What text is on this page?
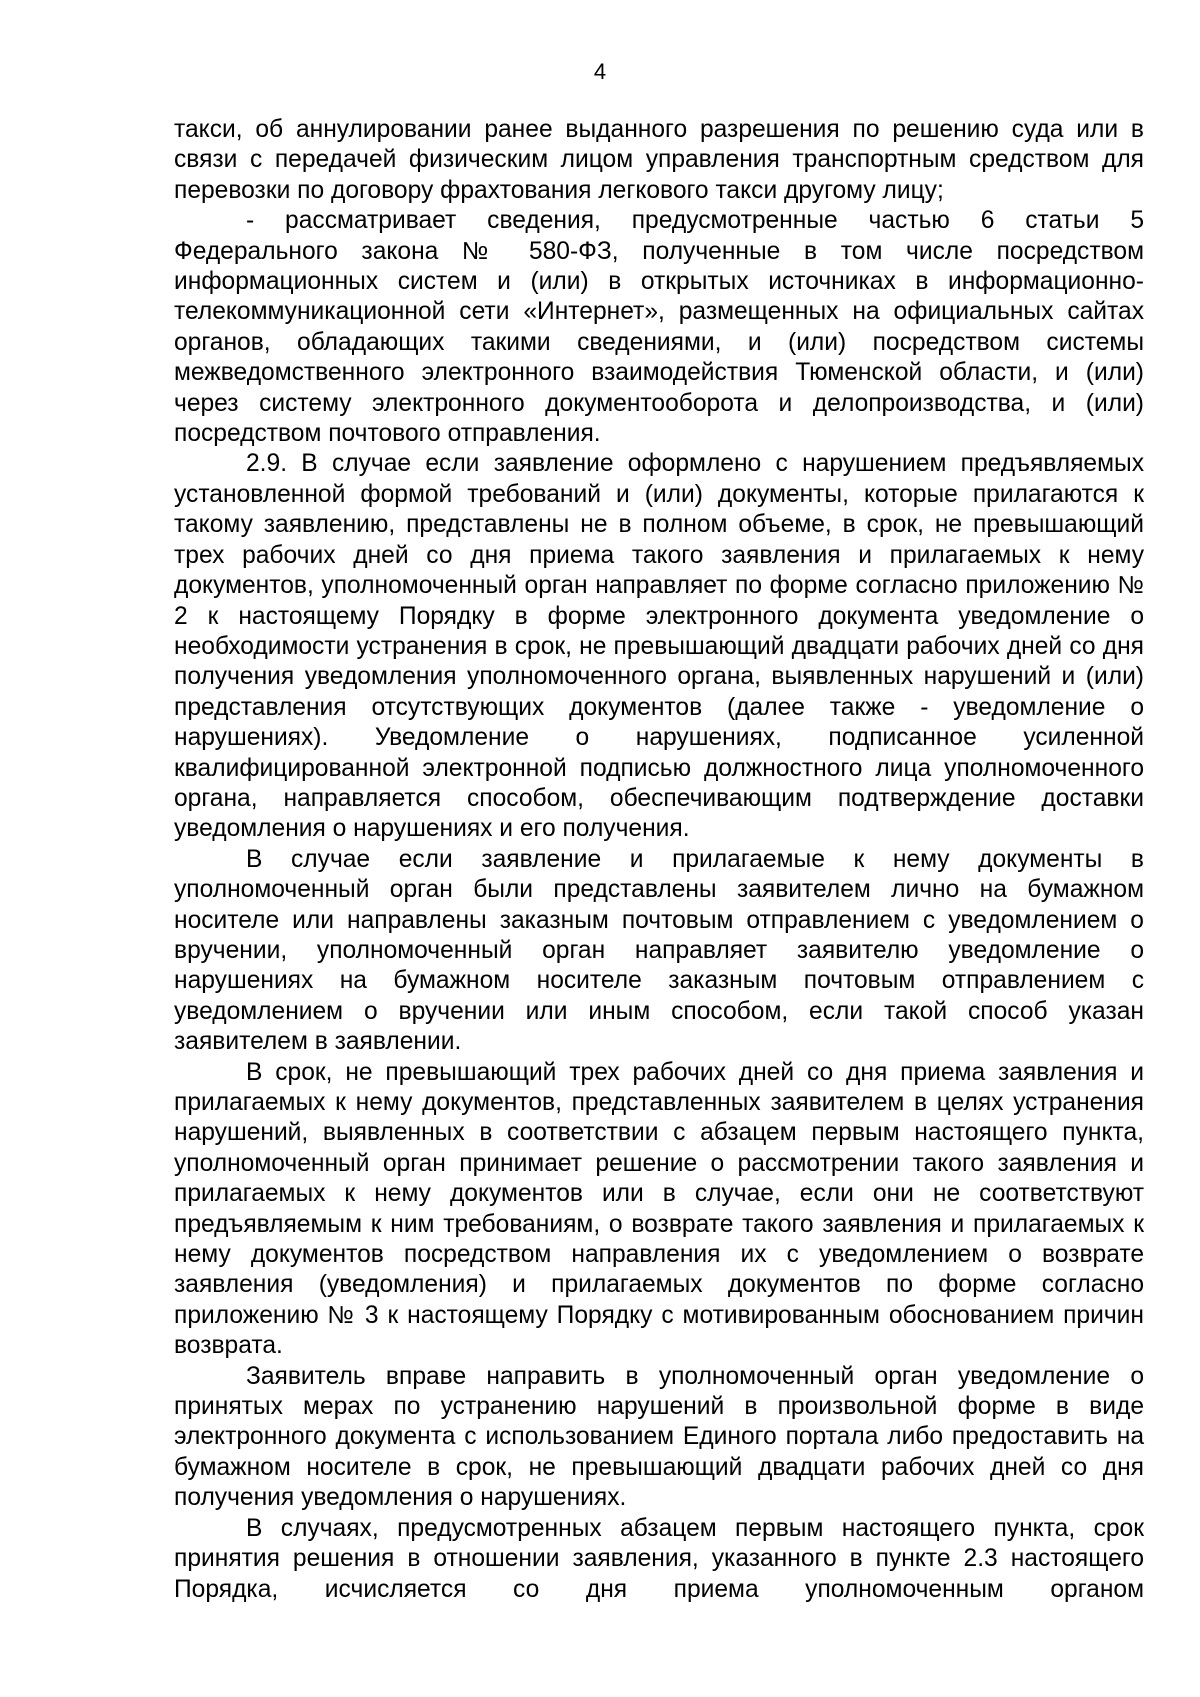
4

такси, об аннулировании ранее выданного разрешения по решению суда или в связи с передачей физическим лицом управления транспортным средством для перевозки по договору фрахтования легкового такси другому лицу;

- рассматривает сведения, предусмотренные частью 6 статьи 5 Федерального закона № 580-ФЗ, полученные в том числе посредством информационных систем и (или) в открытых источниках в информационно-телекоммуникационной сети «Интернет», размещенных на официальных сайтах органов, обладающих такими сведениями, и (или) посредством системы межведомственного электронного взаимодействия Тюменской области, и (или) через систему электронного документооборота и делопроизводства, и (или) посредством почтового отправления.

2.9. В случае если заявление оформлено с нарушением предъявляемых установленной формой требований и (или) документы, которые прилагаются к такому заявлению, представлены не в полном объеме, в срок, не превышающий трех рабочих дней со дня приема такого заявления и прилагаемых к нему документов, уполномоченный орган направляет по форме согласно приложению № 2 к настоящему Порядку в форме электронного документа уведомление о необходимости устранения в срок, не превышающий двадцати рабочих дней со дня получения уведомления уполномоченного органа, выявленных нарушений и (или) представления отсутствующих документов (далее также - уведомление о нарушениях). Уведомление о нарушениях, подписанное усиленной квалифицированной электронной подписью должностного лица уполномоченного органа, направляется способом, обеспечивающим подтверждение доставки уведомления о нарушениях и его получения.

В случае если заявление и прилагаемые к нему документы в уполномоченный орган были представлены заявителем лично на бумажном носителе или направлены заказным почтовым отправлением с уведомлением о вручении, уполномоченный орган направляет заявителю уведомление о нарушениях на бумажном носителе заказным почтовым отправлением с уведомлением о вручении или иным способом, если такой способ указан заявителем в заявлении.

В срок, не превышающий трех рабочих дней со дня приема заявления и прилагаемых к нему документов, представленных заявителем в целях устранения нарушений, выявленных в соответствии с абзацем первым настоящего пункта, уполномоченный орган принимает решение о рассмотрении такого заявления и прилагаемых к нему документов или в случае, если они не соответствуют предъявляемым к ним требованиям, о возврате такого заявления и прилагаемых к нему документов посредством направления их с уведомлением о возврате заявления (уведомления) и прилагаемых документов по форме согласно приложению № 3 к настоящему Порядку с мотивированным обоснованием причин возврата.

Заявитель вправе направить в уполномоченный орган уведомление о принятых мерах по устранению нарушений в произвольной форме в виде электронного документа с использованием Единого портала либо предоставить на бумажном носителе в срок, не превышающий двадцати рабочих дней со дня получения уведомления о нарушениях.

В случаях, предусмотренных абзацем первым настоящего пункта, срок принятия решения в отношении заявления, указанного в пункте 2.3 настоящего Порядка, исчисляется со дня приема уполномоченным органом
